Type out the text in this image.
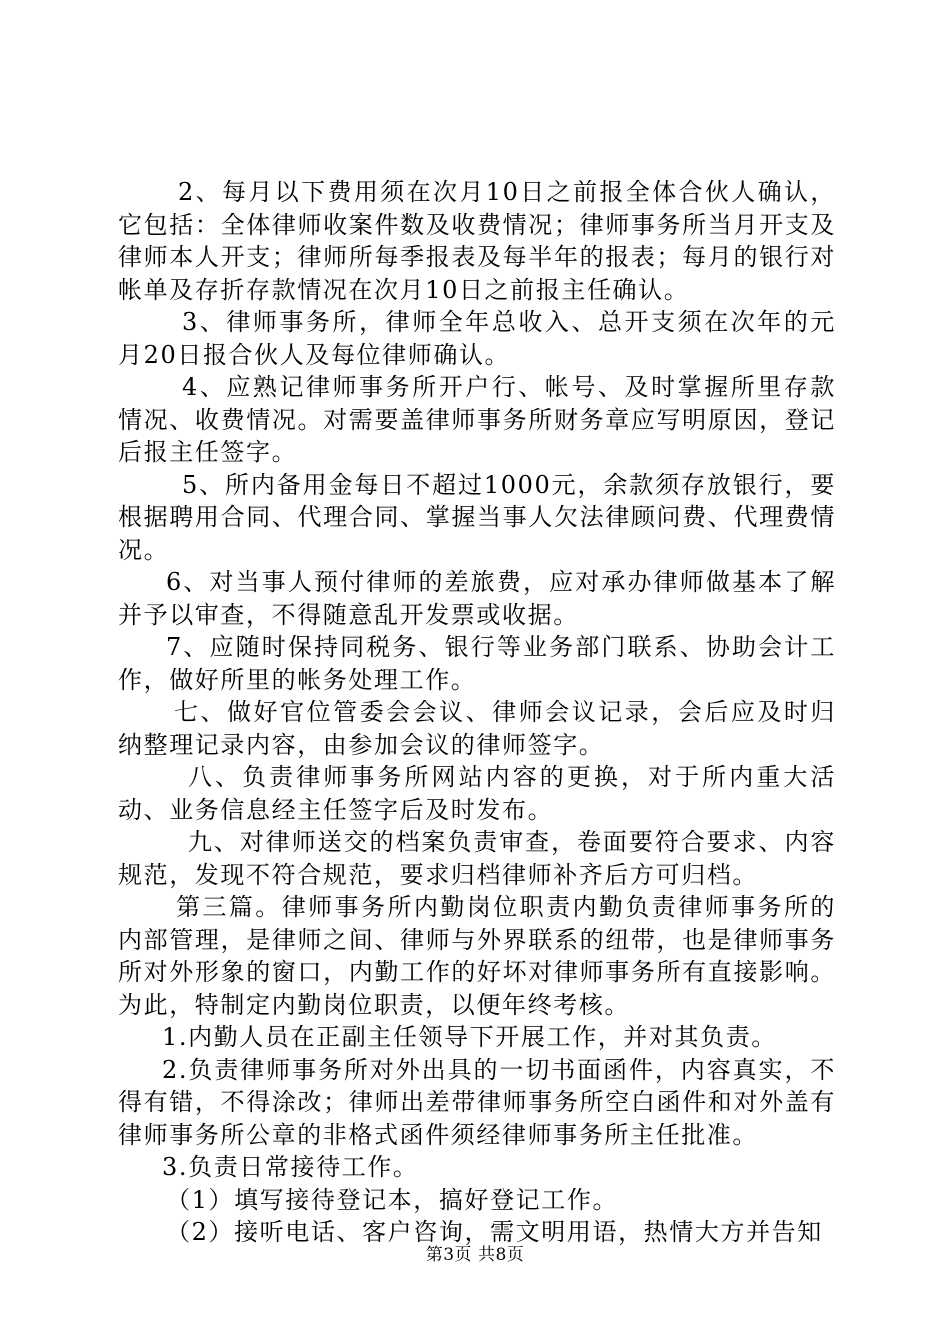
2、每月以下费用须在次月10日之前报全体合伙人确认，它包括：全体律师收案件数及收费情况；律师事务所当月开支及律师本人开支；律师所每季报表及每半年的报表；每月的银行对帐单及存折存款情况在次月10日之前报主任确认。

3、律师事务所，律师全年总收入、总开支须在次年的元月20日报合伙人及每位律师确认。

4、应熟记律师事务所开户行、帐号、及时掌握所里存款情况、收费情况。对需要盖律师事务所财务章应写明原因，登记后报主任签字。

5、所内备用金每日不超过1000元，余款须存放银行，要根据聘用合同、代理合同、掌握当事人欠法律顾问费、代理费情况。

6、对当事人预付律师的差旅费，应对承办律师做基本了解并予以审查，不得随意乱开发票或收据。

7、应随时保持同税务、银行等业务部门联系、协助会计工作，做好所里的帐务处理工作。

七、做好官位管委会会议、律师会议记录，会后应及时归纳整理记录内容，由参加会议的律师签字。

八、负责律师事务所网站内容的更换，对于所内重大活动、业务信息经主任签字后及时发布。

九、对律师送交的档案负责审查，卷面要符合要求、内容规范，发现不符合规范，要求归档律师补齐后方可归档。

第三篇。律师事务所内勤岗位职责内勤负责律师事务所的内部管理，是律师之间、律师与外界联系的纽带，也是律师事务所对外形象的窗口，内勤工作的好坏对律师事务所有直接影响。为此，特制定内勤岗位职责，以便年终考核。

1.内勤人员在正副主任领导下开展工作，并对其负责。

2.负责律师事务所对外出具的一切书面函件，内容真实，不得有错，不得涂改；律师出差带律师事务所空白函件和对外盖有律师事务所公章的非格式函件须经律师事务所主任批准。

3.负责日常接待工作。

（1）填写接待登记本，搞好登记工作。

（2）接听电话、客户咨询，需文明用语，热情大方并告知

第3页 共8页
